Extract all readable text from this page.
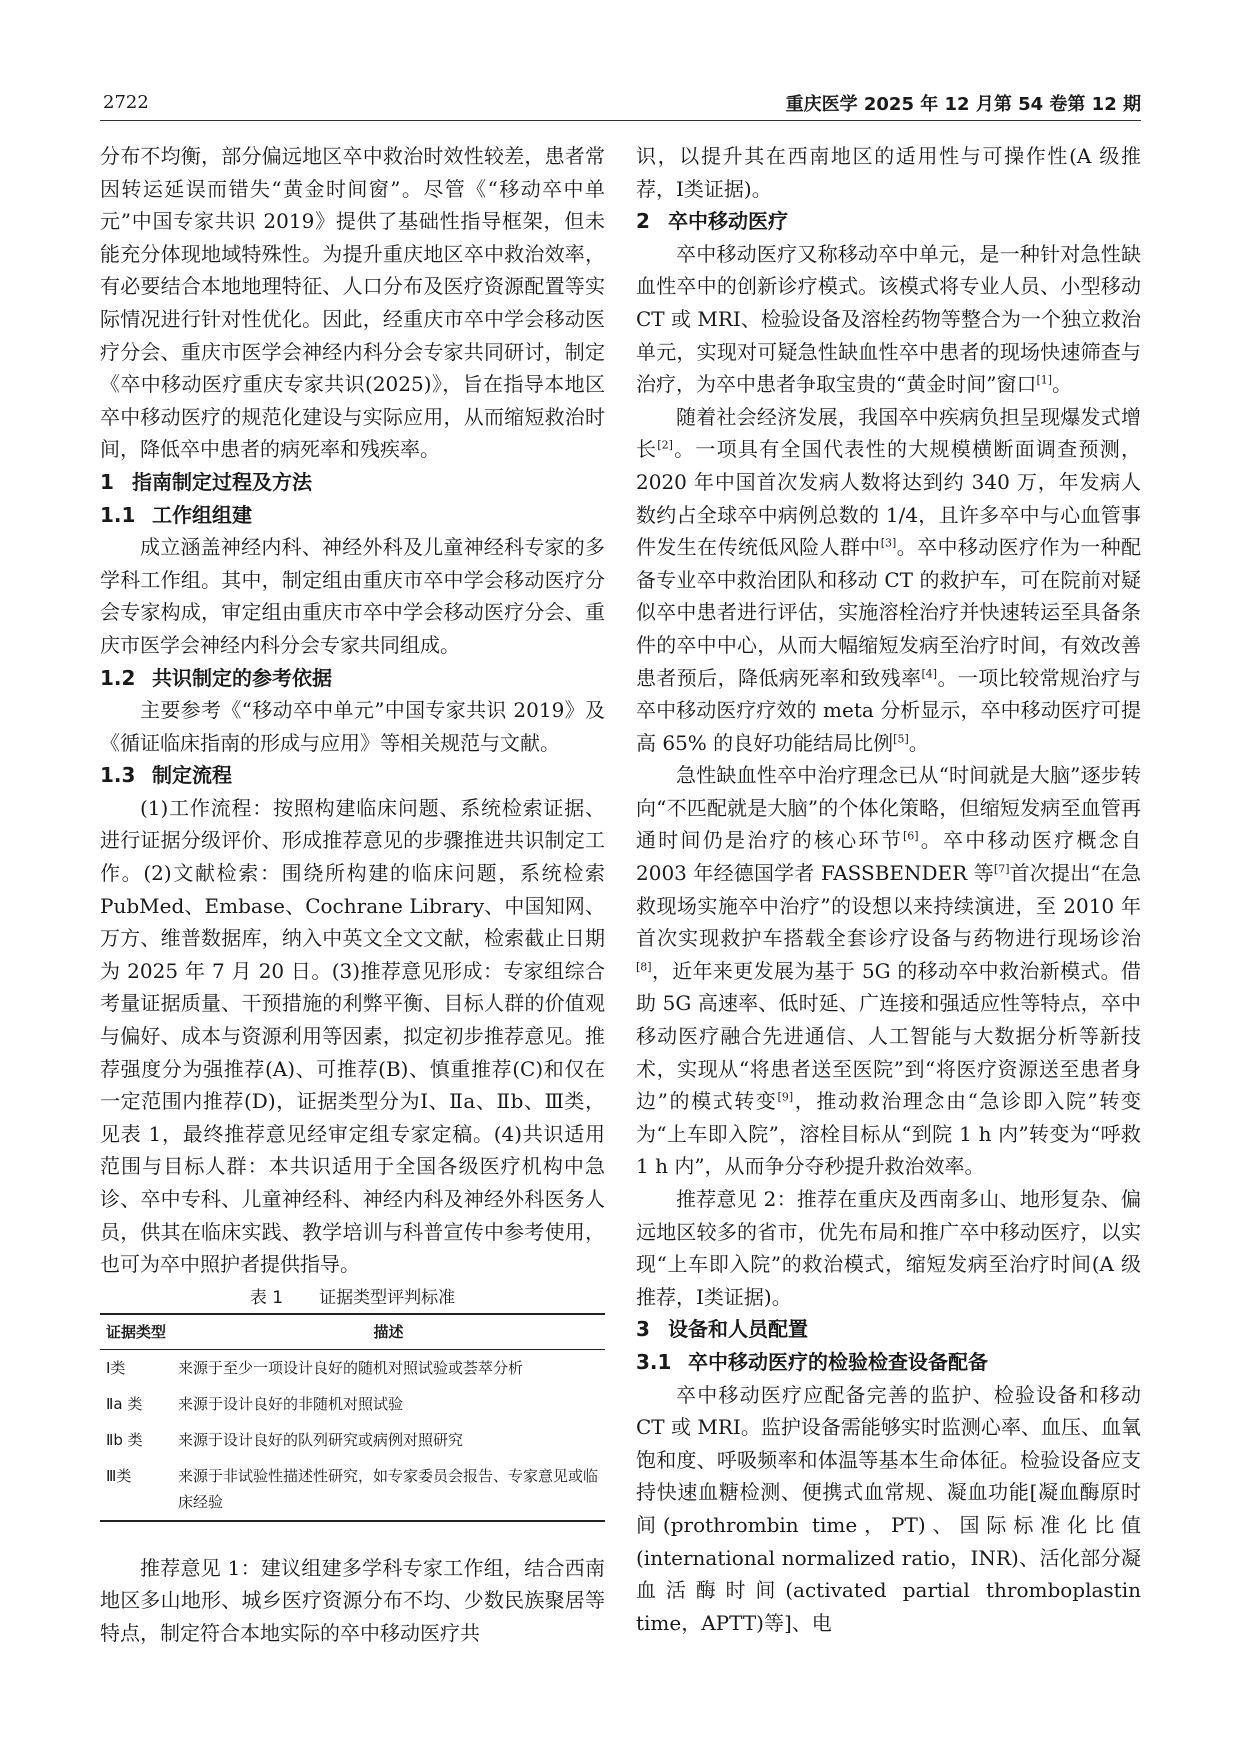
2722	重庆医学 2025 年 12 月第 54 卷第 12 期

分布不均衡，部分偏远地区卒中救治时效性较差，患者常因转运延误而错失“黄金时间窗”。尽管《“移动卒中单元”中国专家共识 2019》提供了基础性指导框架，但未能充分体现地域特殊性。为提升重庆地区卒中救治效率，有必要结合本地地理特征、人口分布及医疗资源配置等实际情况进行针对性优化。因此，经重庆市卒中学会移动医疗分会、重庆市医学会神经内科分会专家共同研讨，制定《卒中移动医疗重庆专家共识(2025)》，旨在指导本地区卒中移动医疗的规范化建设与实际应用，从而缩短救治时间，降低卒中患者的病死率和残疾率。

1 指南制定过程及方法
1.1 工作组组建

成立涵盖神经内科、神经外科及儿童神经科专家的多学科工作组。其中，制定组由重庆市卒中学会移动医疗分会专家构成，审定组由重庆市卒中学会移动医疗分会、重庆市医学会神经内科分会专家共同组成。

1.2 共识制定的参考依据

主要参考《“移动卒中单元”中国专家共识 2019》及《循证临床指南的形成与应用》等相关规范与文献。

1.3 制定流程

(1)工作流程：按照构建临床问题、系统检索证据、进行证据分级评价、形成推荐意见的步骤推进共识制定工作。(2)文献检索：围绕所构建的临床问题，系统检索 PubMed、Embase、Cochrane Library、中国知网、万方、维普数据库，纳入中英文全文文献，检索截止日期为 2025 年 7 月 20 日。(3)推荐意见形成：专家组综合考量证据质量、干预措施的利弊平衡、目标人群的价值观与偏好、成本与资源利用等因素，拟定初步推荐意见。推荐强度分为强推荐(A)、可推荐(B)、慎重推荐(C)和仅在一定范围内推荐(D)，证据类型分为Ⅰ、Ⅱa、Ⅱb、Ⅲ类，见表 1，最终推荐意见经审定组专家定稿。(4)共识适用范围与目标人群：本共识适用于全国各级医疗机构中急诊、卒中专科、儿童神经科、神经内科及神经外科医务人员，供其在临床实践、教学培训与科普宣传中参考使用，也可为卒中照护者提供指导。

表 1 证据类型评判标准
证据类型	描述
Ⅰ类	来源于至少一项设计良好的随机对照试验或荟萃分析
Ⅱa 类	来源于设计良好的非随机对照试验
Ⅱb 类	来源于设计良好的队列研究或病例对照研究
Ⅲ类	来源于非试验性描述性研究，如专家委员会报告、专家意见或临床经验

推荐意见 1：建议组建多学科专家工作组，结合西南地区多山地形、城乡医疗资源分布不均、少数民族聚居等特点，制定符合本地实际的卒中移动医疗共

识，以提升其在西南地区的适用性与可操作性(A 级推荐，Ⅰ类证据)。

2 卒中移动医疗

卒中移动医疗又称移动卒中单元，是一种针对急性缺血性卒中的创新诊疗模式。该模式将专业人员、小型移动 CT 或 MRI、检验设备及溶栓药物等整合为一个独立救治单元，实现对可疑急性缺血性卒中患者的现场快速筛查与治疗，为卒中患者争取宝贵的“黄金时间”窗口[1]。

随着社会经济发展，我国卒中疾病负担呈现爆发式增长[2]。一项具有全国代表性的大规模横断面调查预测，2020 年中国首次发病人数将达到约 340 万，年发病人数约占全球卒中病例总数的 1/4，且许多卒中与心血管事件发生在传统低风险人群中[3]。卒中移动医疗作为一种配备专业卒中救治团队和移动 CT 的救护车，可在院前对疑似卒中患者进行评估，实施溶栓治疗并快速转运至具备条件的卒中中心，从而大幅缩短发病至治疗时间，有效改善患者预后，降低病死率和致残率[4]。一项比较常规治疗与卒中移动医疗疗效的 meta 分析显示，卒中移动医疗可提高 65% 的良好功能结局比例[5]。

急性缺血性卒中治疗理念已从“时间就是大脑”逐步转向“不匹配就是大脑”的个体化策略，但缩短发病至血管再通时间仍是治疗的核心环节[6]。卒中移动医疗概念自 2003 年经德国学者 FASSBENDER 等[7]首次提出“在急救现场实施卒中治疗”的设想以来持续演进，至 2010 年首次实现救护车搭载全套诊疗设备与药物进行现场诊治[8]，近年来更发展为基于 5G 的移动卒中救治新模式。借助 5G 高速率、低时延、广连接和强适应性等特点，卒中移动医疗融合先进通信、人工智能与大数据分析等新技术，实现从“将患者送至医院”到“将医疗资源送至患者身边”的模式转变[9]，推动救治理念由“急诊即入院”转变为“上车即入院”，溶栓目标从“到院 1 h 内”转变为“呼救 1 h 内”，从而争分夺秒提升救治效率。

推荐意见 2：推荐在重庆及西南多山、地形复杂、偏远地区较多的省市，优先布局和推广卒中移动医疗，以实现“上车即入院”的救治模式，缩短发病至治疗时间(A 级推荐，Ⅰ类证据)。

3 设备和人员配置
3.1 卒中移动医疗的检验检查设备配备

卒中移动医疗应配备完善的监护、检验设备和移动 CT 或 MRI。监护设备需能够实时监测心率、血压、血氧饱和度、呼吸频率和体温等基本生命体征。检验设备应支持快速血糖检测、便携式血常规、凝血功能[凝血酶原时间(prothrombin time，PT)、国际标准化比值(international normalized ratio，INR)、活化部分凝血活酶时间(activated partial thromboplastin time，APTT)等]、电
